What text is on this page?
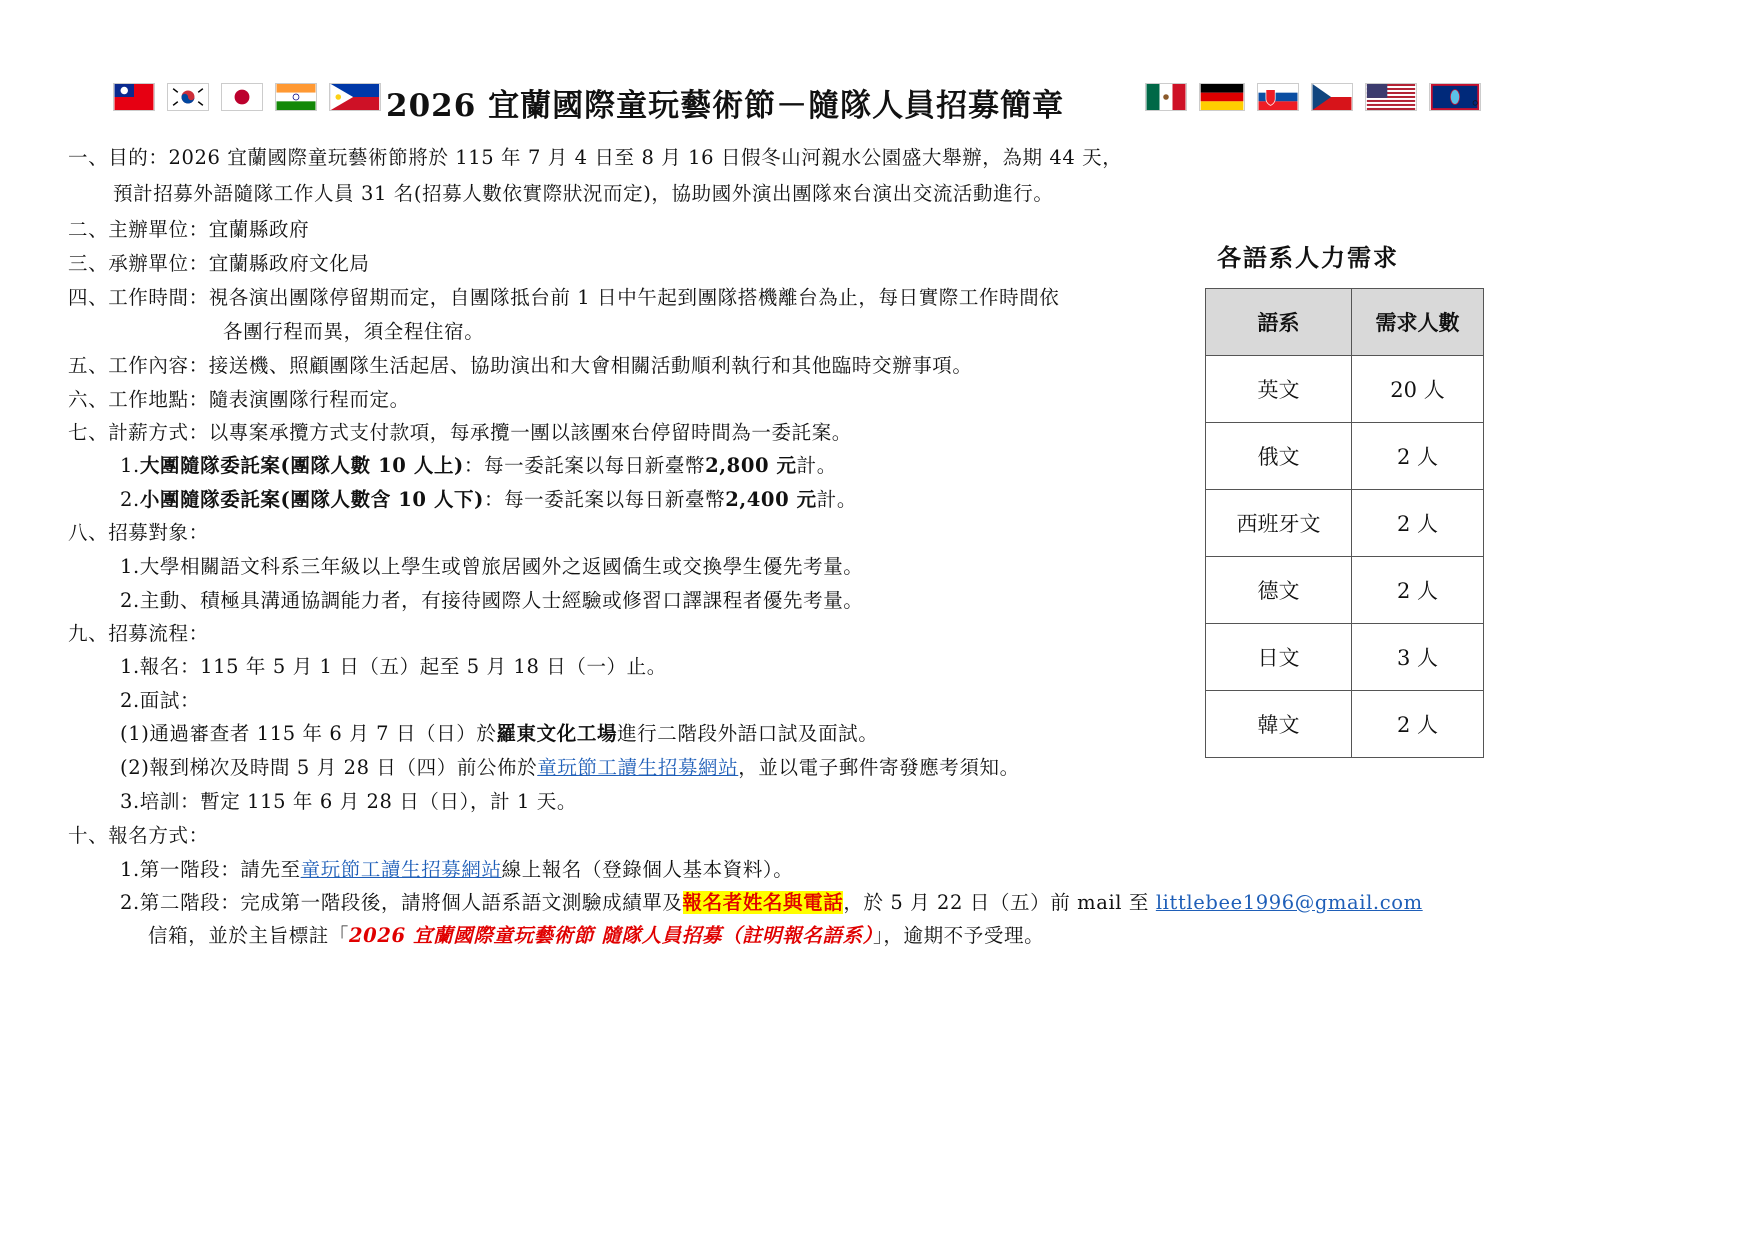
2026 宜蘭國際童玩藝術節－隨隊人員招募簡章	。
一、目的：2026 宜蘭國際童玩藝術節將於 115 年 7 月 4 日至 8 月 16 日假冬山河親水公園盛大舉辦，為期 44 天，
預計招募外語隨隊工作人員 31 名(招募人數依實際狀況而定)，協助國外演出團隊來台演出交流活動進行。
二、主辦單位：宜蘭縣政府
三、承辦單位：宜蘭縣政府文化局
四、工作時間：視各演出團隊停留期而定，自團隊抵台前 1 日中午起到團隊搭機離台為止，每日實際工作時間依
各團行程而異，須全程住宿。
五、工作內容：接送機、照顧團隊生活起居、協助演出和大會相關活動順利執行和其他臨時交辦事項。
六、工作地點：隨表演團隊行程而定。
七、計薪方式：以專案承攬方式支付款項，每承攬一團以該團來台停留時間為一委託案。
1.大團隨隊委託案(團隊人數 10 人上)：每一委託案以每日新臺幣2,800 元計。
2.小團隨隊委託案(團隊人數含 10 人下)：每一委託案以每日新臺幣2,400 元計。
八、招募對象：
1.大學相關語文科系三年級以上學生或曾旅居國外之返國僑生或交換學生優先考量。
2.主動、積極具溝通協調能力者，有接待國際人士經驗或修習口譯課程者優先考量。
九、招募流程：
1.報名：115 年 5 月 1 日（五）起至 5 月 18 日（一）止。
2.面試：
(1)通過審查者 115 年 6 月 7 日（日）於羅東文化工場進行二階段外語口試及面試。
(2)報到梯次及時間 5 月 28 日（四）前公佈於童玩節工讀生招募網站，並以電子郵件寄發應考須知。
3.培訓：暫定 115 年 6 月 28 日（日），計 1 天。
十、報名方式：
1.第一階段：請先至童玩節工讀生招募網站線上報名（登錄個人基本資料）。
2.第二階段：完成第一階段後，請將個人語系語文測驗成績單及報名者姓名與電話，於 5 月 22 日（五）前 mail 至 littlebee1996@gmail.com
信箱，並於主旨標註「2026 宜蘭國際童玩藝術節 隨隊人員招募（註明報名語系）」，逾期不予受理。
各語系人力需求
語系	需求人數
英文	20 人
俄文	2 人
西班牙文	2 人
德文	2 人
日文	3 人
韓文	2 人
